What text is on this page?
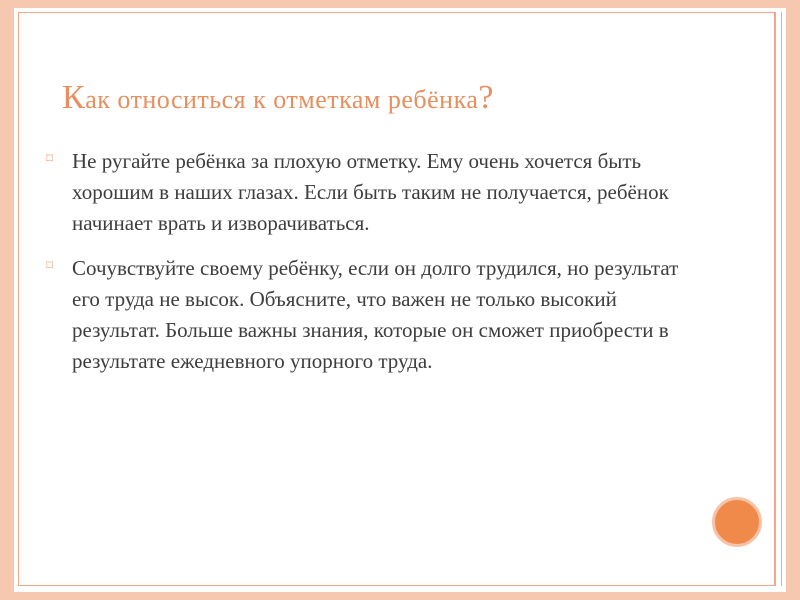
Как относиться к отметкам ребёнка?
⌑ Не ругайте ребёнка за плохую отметку. Ему очень хочется быть хорошим в наших глазах. Если быть таким не получается, ребёнок начинает врать и изворачиваться.
⌑ Сочувствуйте своему ребёнку, если он долго трудился, но результат его труда не высок. Объясните, что важен не только высокий результат. Больше важны знания, которые он сможет приобрести в результате ежедневного упорного труда.
